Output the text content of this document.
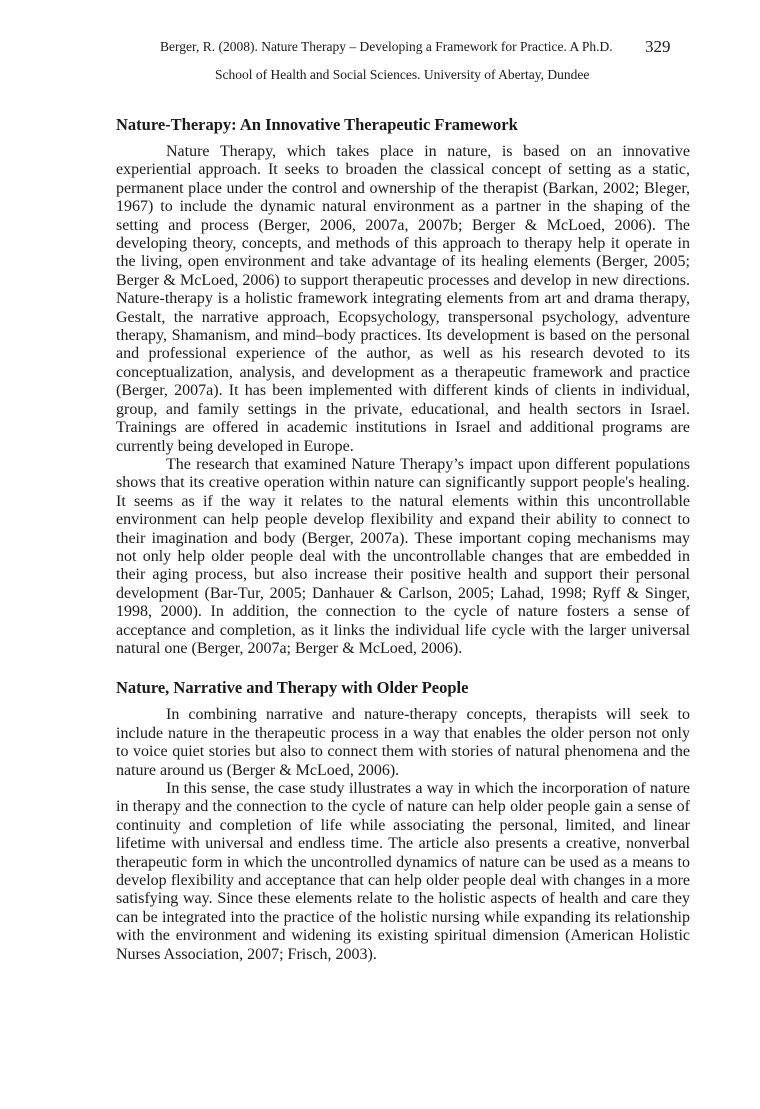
Berger, R. (2008). Nature Therapy – Developing a Framework for Practice. A Ph.D. 329
School of Health and Social Sciences. University of Abertay, Dundee
Nature-Therapy: An Innovative Therapeutic Framework

Nature Therapy, which takes place in nature, is based on an innovative experiential approach. It seeks to broaden the classical concept of setting as a static, permanent place under the control and ownership of the therapist (Barkan, 2002; Bleger, 1967) to include the dynamic natural environment as a partner in the shaping of the setting and process (Berger, 2006, 2007a, 2007b; Berger & McLoed, 2006). The developing theory, concepts, and methods of this approach to therapy help it operate in the living, open environment and take advantage of its healing elements (Berger, 2005; Berger & McLoed, 2006) to support therapeutic processes and develop in new directions. Nature-therapy is a holistic framework integrating elements from art and drama therapy, Gestalt, the narrative approach, Ecopsychology, transpersonal psychology, adventure therapy, Shamanism, and mind–body practices. Its development is based on the personal and professional experience of the author, as well as his research devoted to its conceptualization, analysis, and development as a therapeutic framework and practice (Berger, 2007a). It has been implemented with different kinds of clients in individual, group, and family settings in the private, educational, and health sectors in Israel. Trainings are offered in academic institutions in Israel and additional programs are currently being developed in Europe.

The research that examined Nature Therapy’s impact upon different populations shows that its creative operation within nature can significantly support people's healing. It seems as if the way it relates to the natural elements within this uncontrollable environment can help people develop flexibility and expand their ability to connect to their imagination and body (Berger, 2007a). These important coping mechanisms may not only help older people deal with the uncontrollable changes that are embedded in their aging process, but also increase their positive health and support their personal development (Bar-Tur, 2005; Danhauer & Carlson, 2005; Lahad, 1998; Ryff & Singer, 1998, 2000). In addition, the connection to the cycle of nature fosters a sense of acceptance and completion, as it links the individual life cycle with the larger universal natural one (Berger, 2007a; Berger & McLoed, 2006).

Nature, Narrative and Therapy with Older People

In combining narrative and nature-therapy concepts, therapists will seek to include nature in the therapeutic process in a way that enables the older person not only to voice quiet stories but also to connect them with stories of natural phenomena and the nature around us (Berger & McLoed, 2006).

In this sense, the case study illustrates a way in which the incorporation of nature in therapy and the connection to the cycle of nature can help older people gain a sense of continuity and completion of life while associating the personal, limited, and linear lifetime with universal and endless time. The article also presents a creative, nonverbal therapeutic form in which the uncontrolled dynamics of nature can be used as a means to develop flexibility and acceptance that can help older people deal with changes in a more satisfying way. Since these elements relate to the holistic aspects of health and care they can be integrated into the practice of the holistic nursing while expanding its relationship with the environment and widening its existing spiritual dimension (American Holistic Nurses Association, 2007; Frisch, 2003).
